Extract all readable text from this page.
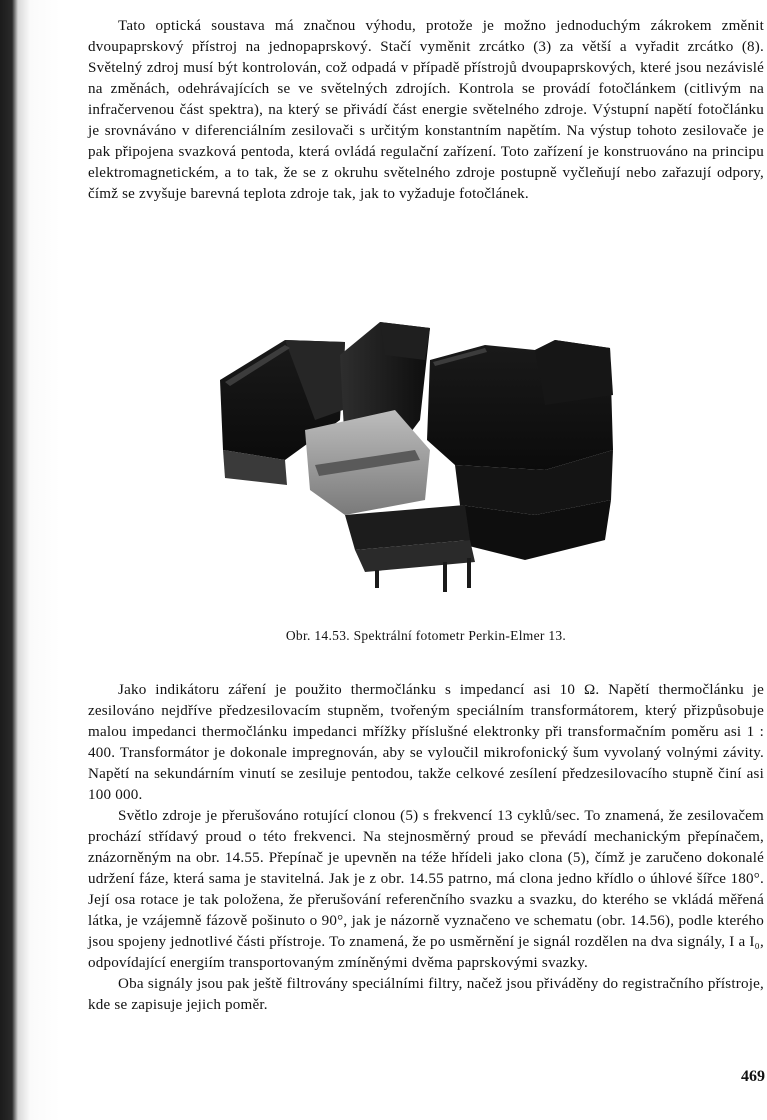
Tato optická soustava má značnou výhodu, protože je možno jednoduchým zákrokem změnit dvoupaprskový přístroj na jednopaprskový. Stačí vyměnit zrcátko (3) za větší a vyřadit zrcátko (8). Světelný zdroj musí být kontrolován, což odpadá v případě přístrojů dvoupaprskových, které jsou nezávislé na změnách, odehrávajících se ve světelných zdrojích. Kontrola se provádí fotočlánkem (citlivým na infračervenou část spektra), na který se přivádí část energie světelného zdroje. Výstupní napětí fotočlánku je srovnáváno v diferenciálním zesilovači s určitým konstantním napětím. Na výstup tohoto zesilovače je pak připojena svazková pentoda, která ovládá regulační zařízení. Toto zařízení je konstruováno na principu elektromagnetickém, a to tak, že se z okruhu světelného zdroje postupně vyčleňují nebo zařazují odpory, čímž se zvyšuje barevná teplota zdroje tak, jak to vyžaduje fotočlánek.

Obr. 14.53. Spektrální fotometr Perkin-Elmer 13.

Jako indikátoru záření je použito thermočlánku s impedancí asi 10 Ω. Napětí thermočlánku je zesilováno nejdříve předzesilovacím stupněm, tvořeným speciálním transformátorem, který přizpůsobuje malou impedanci thermočlánku impedanci mřížky příslušné elektronky při transformačním poměru asi 1 : 400. Transformátor je dokonale impregnován, aby se vyloučil mikrofonický šum vyvolaný volnými závity. Napětí na sekundárním vinutí se zesiluje pentodou, takže celkové zesílení předzesilovacího stupně činí asi 100 000.

Světlo zdroje je přerušováno rotující clonou (5) s frekvencí 13 cyklů/sec. To znamená, že zesilovačem prochází střídavý proud o této frekvenci. Na stejnosměrný proud se převádí mechanickým přepínačem, znázorněným na obr. 14.55. Přepínač je upevněn na téže hřídeli jako clona (5), čímž je zaručeno dokonalé udržení fáze, která sama je stavitelná. Jak je z obr. 14.55 patrno, má clona jedno křídlo o úhlové šířce 180°. Její osa rotace je tak položena, že přerušování referenčního svazku a svazku, do kterého se vkládá měřená látka, je vzájemně fázově pošinuto o 90°, jak je názorně vyznačeno ve schematu (obr. 14.56), podle kterého jsou spojeny jednotlivé části přístroje. To znamená, že po usměrnění je signál rozdělen na dva signály, I a I₀, odpovídající energiím transportovaným zmíněnými dvěma paprskovými svazky.

Oba signály jsou pak ještě filtrovány speciálními filtry, načež jsou přiváděny do registračního přístroje, kde se zapisuje jejich poměr.

469
